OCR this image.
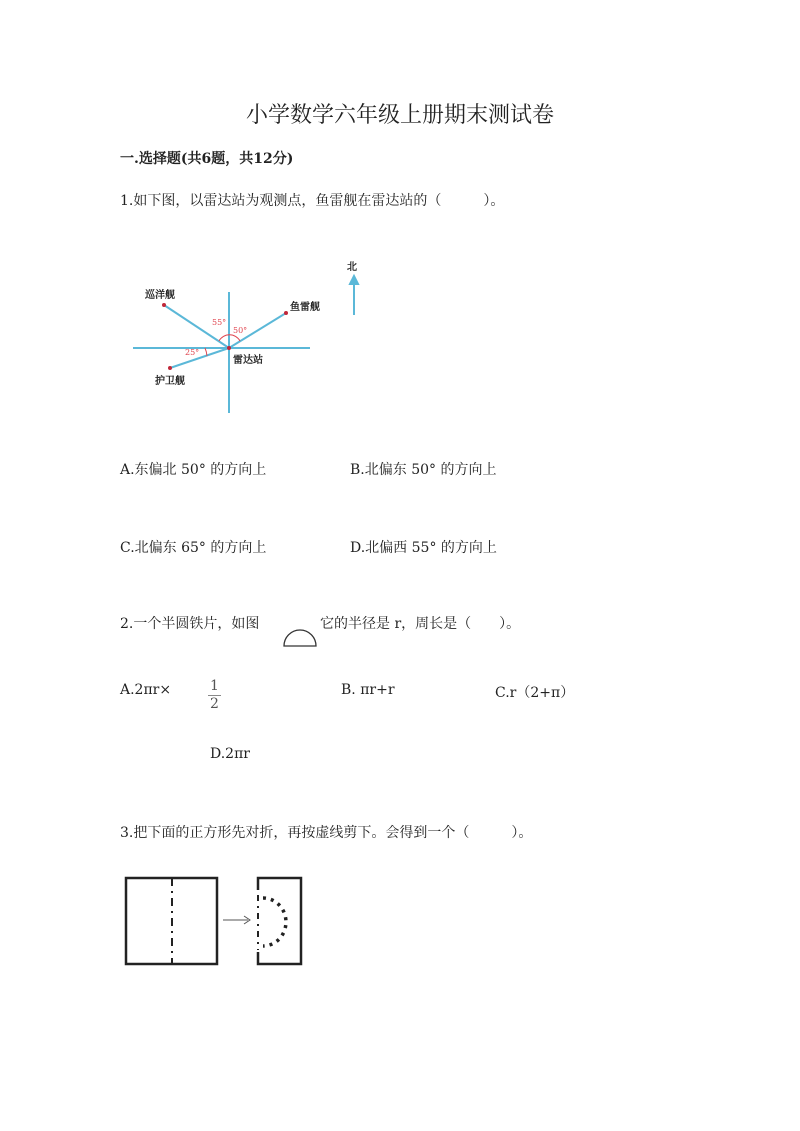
小学数学六年级上册期末测试卷
一.选择题(共6题，共12分)
1.如下图，以雷达站为观测点，鱼雷舰在雷达站的（　　　）。
北
巡洋舰
鱼雷舰
护卫舰
雷达站
55°
50°
25°
A.东偏北 50° 的方向上	B.北偏东 50° 的方向上
C.北偏东 65° 的方向上	D.北偏西 55° 的方向上
2.一个半圆铁片，如图	它的半径是 r，周长是（　　）。
A.2πr×	$\frac{1}{2}$	B. πr+r	C.r（2+π）
D.2πr
3.把下面的正方形先对折，再按虚线剪下。会得到一个（　　　）。
